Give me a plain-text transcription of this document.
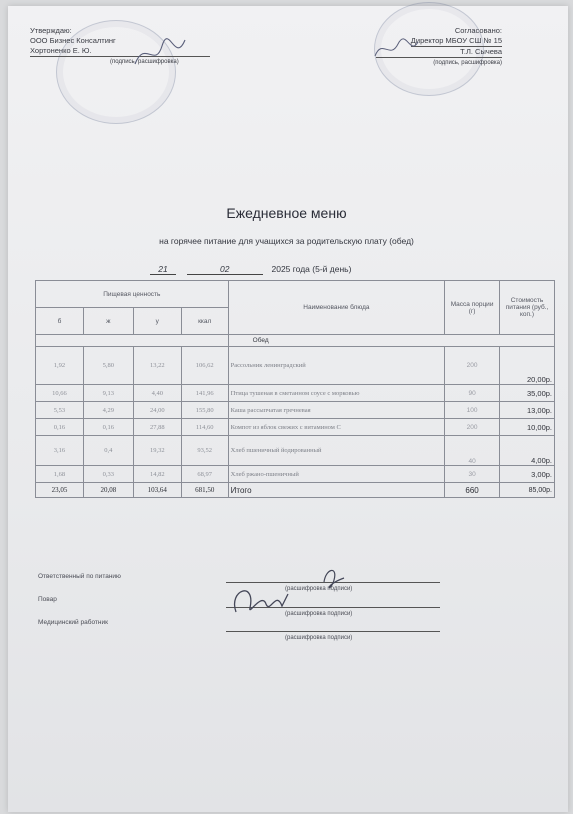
Утверждаю:
ООО Бизнес Консалтинг
Хортоненко Е. Ю.
(подпись, расшифровка)
Согласовано:
Директор МБОУ СШ № 15 Т.Л. Сычева
(подпись, расшифровка)
Ежедневное меню
на горячее питание для учащихся за родительскую плату (обед)
21	02	2025 года (5-й день)
Пищевая ценность				Наименование блюда	Масса порции (г)	Стоимость питания (руб., коп.)
б	ж	у	ккал			
				Обед		
1,92	5,80	13,22	106,62	Рассольник ленинградский	200	20,00р.
10,66	9,13	4,40	141,96	Птица тушеная в сметанном соусе с морковью	90	35,00р.
5,53	4,29	24,00	155,80	Каша рассыпчатая гречневая	100	13,00р.
0,16	0,16	27,88	114,60	Компот из яблок свежих с витамином С	200	10,00р.
3,16	0,4	19,32	93,52	Хлеб пшеничный йодированный	40	4,00р.
1,68	0,33	14,82	68,97	Хлеб ржано-пшеничный	30	3,00р.
23,05	20,08	103,64	681,50	Итого	660	85,00р.
Ответственный по питанию
(расшифровка подписи)
Повар
(расшифровка подписи)
Медицинский работник
(расшифровка подписи)
